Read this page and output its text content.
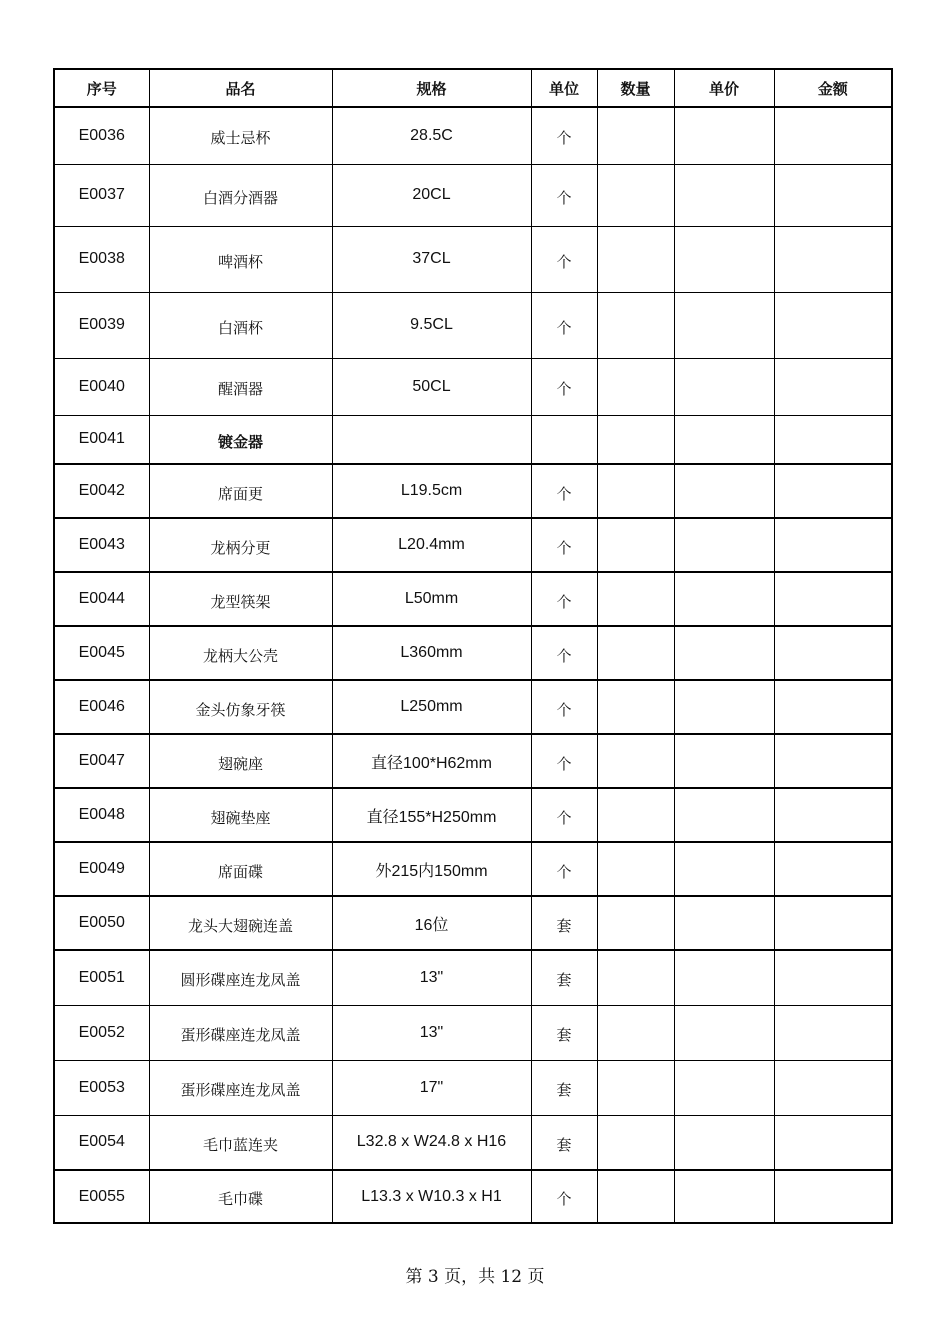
序号	品名	规格	单位	数量	单价	金额
E0036	威士忌杯	28.5C	个			
E0037	白酒分酒器	20CL	个			
E0038	啤酒杯	37CL	个			
E0039	白酒杯	9.5CL	个			
E0040	醒酒器	50CL	个			
E0041	镀金器					
E0042	席面更	L19.5cm	个			
E0043	龙柄分更	L20.4mm	个			
E0044	龙型筷架	L50mm	个			
E0045	龙柄大公壳	L360mm	个			
E0046	金头仿象牙筷	L250mm	个			
E0047	翅碗座	直径100*H62mm	个			
E0048	翅碗垫座	直径155*H250mm	个			
E0049	席面碟	外215内150mm	个			
E0050	龙头大翅碗连盖	16位	套			
E0051	圆形碟座连龙凤盖	13"	套			
E0052	蛋形碟座连龙凤盖	13"	套			
E0053	蛋形碟座连龙凤盖	17"	套			
E0054	毛巾蓝连夹	L32.8 x W24.8 x H16	套			
E0055	毛巾碟	L13.3 x W10.3 x H1	个			
第 3 页，共 12 页
